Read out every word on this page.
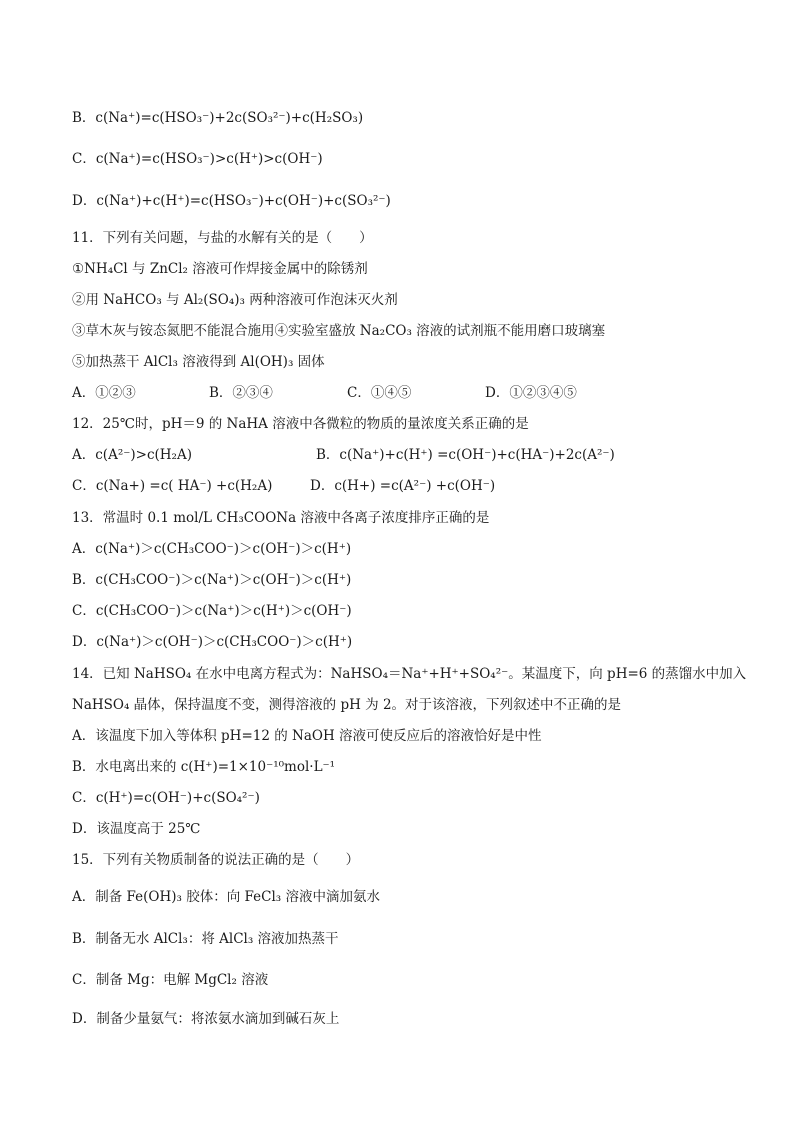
B．c(Na⁺)=c(HSO₃⁻)+2c(SO₃²⁻)+c(H₂SO₃)
C．c(Na⁺)=c(HSO₃⁻)>c(H⁺)>c(OH⁻)
D．c(Na⁺)+c(H⁺)=c(HSO₃⁻)+c(OH⁻)+c(SO₃²⁻)
11．下列有关问题，与盐的水解有关的是（　　）
①NH₄Cl 与 ZnCl₂ 溶液可作焊接金属中的除锈剂
②用 NaHCO₃ 与 Al₂(SO₄)₃ 两种溶液可作泡沫灭火剂
③草木灰与铵态氮肥不能混合施用④实验室盛放 Na₂CO₃ 溶液的试剂瓶不能用磨口玻璃塞
⑤加热蒸干 AlCl₃ 溶液得到 Al(OH)₃ 固体
A．①②③	B．②③④	C．①④⑤	D．①②③④⑤
12．25℃时，pH＝9 的 NaHA 溶液中各微粒的物质的量浓度关系正确的是
A．c(A²⁻)>c(H₂A)	B．c(Na⁺)+c(H⁺) =c(OH⁻)+c(HA⁻)+2c(A²⁻)
C．c(Na+) =c( HA⁻) +c(H₂A)	D．c(H+) =c(A²⁻) +c(OH⁻)
13．常温时 0.1 mol/L CH₃COONa 溶液中各离子浓度排序正确的是
A．c(Na⁺)＞c(CH₃COO⁻)＞c(OH⁻)＞c(H⁺)
B．c(CH₃COO⁻)＞c(Na⁺)＞c(OH⁻)＞c(H⁺)
C．c(CH₃COO⁻)＞c(Na⁺)＞c(H⁺)＞c(OH⁻)
D．c(Na⁺)＞c(OH⁻)＞c(CH₃COO⁻)＞c(H⁺)
14．已知 NaHSO₄ 在水中电离方程式为：NaHSO₄＝Na⁺+H⁺+SO₄²⁻。某温度下，向 pH=6 的蒸馏水中加入
NaHSO₄ 晶体，保持温度不变，测得溶液的 pH 为 2。对于该溶液，下列叙述中不正确的是
A．该温度下加入等体积 pH=12 的 NaOH 溶液可使反应后的溶液恰好是中性
B．水电离出来的 c(H⁺)=1×10⁻¹⁰mol·L⁻¹
C．c(H⁺)=c(OH⁻)+c(SO₄²⁻)
D．该温度高于 25℃
15．下列有关物质制备的说法正确的是（　　）
A．制备 Fe(OH)₃ 胶体：向 FeCl₃ 溶液中滴加氨水
B．制备无水 AlCl₃：将 AlCl₃ 溶液加热蒸干
C．制备 Mg：电解 MgCl₂ 溶液
D．制备少量氨气：将浓氨水滴加到碱石灰上
